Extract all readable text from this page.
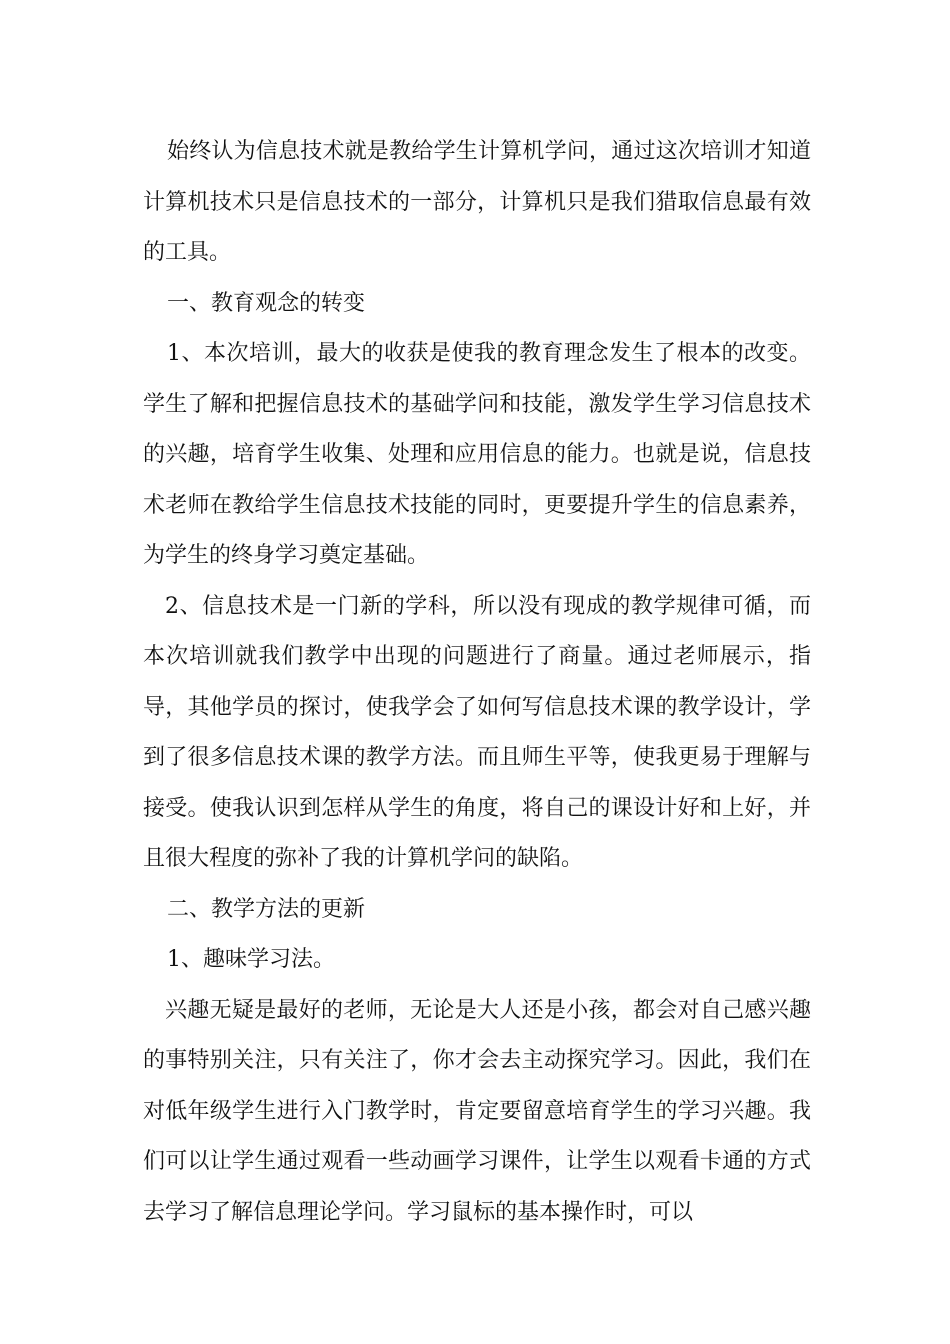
始终认为信息技术就是教给学生计算机学问，通过这次培训才知道计算机技术只是信息技术的一部分，计算机只是我们猎取信息最有效的工具。

一、教育观念的转变

1、本次培训，最大的收获是使我的教育理念发生了根本的改变。学生了解和把握信息技术的基础学问和技能，激发学生学习信息技术的兴趣，培育学生收集、处理和应用信息的能力。也就是说，信息技术老师在教给学生信息技术技能的同时，更要提升学生的信息素养，为学生的终身学习奠定基础。

2、信息技术是一门新的学科，所以没有现成的教学规律可循，而本次培训就我们教学中出现的问题进行了商量。通过老师展示，指导，其他学员的探讨，使我学会了如何写信息技术课的教学设计，学到了很多信息技术课的教学方法。而且师生平等，使我更易于理解与接受。使我认识到怎样从学生的角度，将自己的课设计好和上好，并且很大程度的弥补了我的计算机学问的缺陷。

二、教学方法的更新

1、趣味学习法。

兴趣无疑是最好的老师，无论是大人还是小孩，都会对自己感兴趣的事特别关注，只有关注了，你才会去主动探究学习。因此，我们在对低年级学生进行入门教学时，肯定要留意培育学生的学习兴趣。我们可以让学生通过观看一些动画学习课件，让学生以观看卡通的方式去学习了解信息理论学问。学习鼠标的基本操作时，可以
